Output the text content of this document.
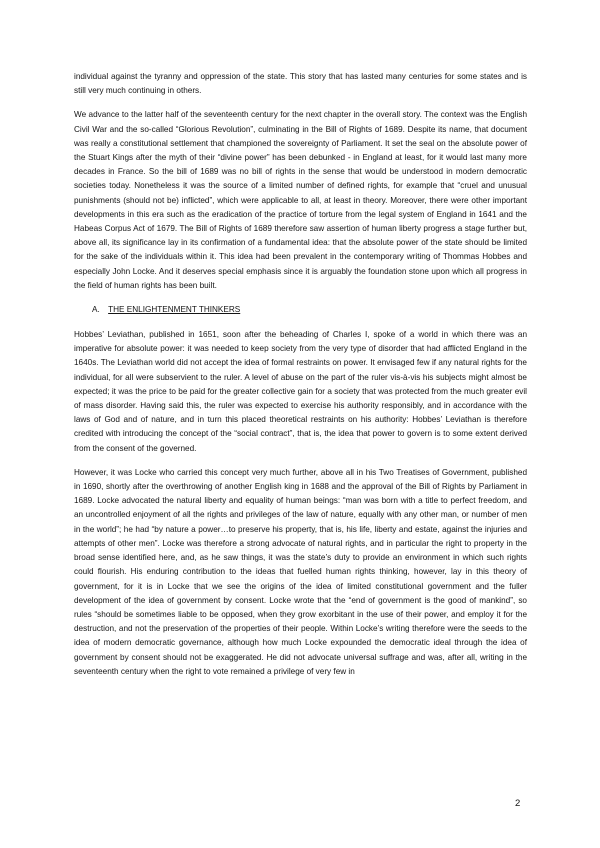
individual against the tyranny and oppression of the state. This story that has lasted many centuries for some states and is still very much continuing in others.

We advance to the latter half of the seventeenth century for the next chapter in the overall story. The context was the English Civil War and the so-called “Glorious Revolution”, culminating in the Bill of Rights of 1689. Despite its name, that document was really a constitutional settlement that championed the sovereignty of Parliament. It set the seal on the absolute power of the Stuart Kings after the myth of their “divine power” has been debunked - in England at least, for it would last many more decades in France. So the bill of 1689 was no bill of rights in the sense that would be understood in modern democratic societies today. Nonetheless it was the source of a limited number of defined rights, for example that “cruel and unusual punishments (should not be) inflicted”, which were applicable to all, at least in theory. Moreover, there were other important developments in this era such as the eradication of the practice of torture from the legal system of England in 1641 and the Habeas Corpus Act of 1679. The Bill of Rights of 1689 therefore saw assertion of human liberty progress a stage further but, above all, its significance lay in its confirmation of a fundamental idea: that the absolute power of the state should be limited for the sake of the individuals within it. This idea had been prevalent in the contemporary writing of Thommas Hobbes and especially John Locke. And it deserves special emphasis since it is arguably the foundation stone upon which all progress in the field of human rights has been built.

A. THE ENLIGHTENMENT THINKERS

Hobbes’ Leviathan, published in 1651, soon after the beheading of Charles I, spoke of a world in which there was an imperative for absolute power: it was needed to keep society from the very type of disorder that had afflicted England in the 1640s. The Leviathan world did not accept the idea of formal restraints on power. It envisaged few if any natural rights for the individual, for all were subservient to the ruler. A level of abuse on the part of the ruler vis-à-vis his subjects might almost be expected; it was the price to be paid for the greater collective gain for a society that was protected from the much greater evil of mass disorder. Having said this, the ruler was expected to exercise his authority responsibly, and in accordance with the laws of God and of nature, and in turn this placed theoretical restraints on his authority: Hobbes’ Leviathan is therefore credited with introducing the concept of the “social contract”, that is, the idea that power to govern is to some extent derived from the consent of the governed.

However, it was Locke who carried this concept very much further, above all in his Two Treatises of Government, published in 1690, shortly after the overthrowing of another English king in 1688 and the approval of the Bill of Rights by Parliament in 1689. Locke advocated the natural liberty and equality of human beings: “man was born with a title to perfect freedom, and an uncontrolled enjoyment of all the rights and privileges of the law of nature, equally with any other man, or number of men in the world”; he had “by nature a power…to preserve his property, that is, his life, liberty and estate, against the injuries and attempts of other men”. Locke was therefore a strong advocate of natural rights, and in particular the right to property in the broad sense identified here, and, as he saw things, it was the state’s duty to provide an environment in which such rights could flourish. His enduring contribution to the ideas that fuelled human rights thinking, however, lay in this theory of government, for it is in Locke that we see the origins of the idea of limited constitutional government and the fuller development of the idea of government by consent. Locke wrote that the “end of government is the good of mankind”, so rules “should be sometimes liable to be opposed, when they grow exorbitant in the use of their power, and employ it for the destruction, and not the preservation of the properties of their people. Within Locke’s writing therefore were the seeds to the idea of modern democratic governance, although how much Locke expounded the democratic ideal through the idea of government by consent should not be exaggerated. He did not advocate universal suffrage and was, after all, writing in the seventeenth century when the right to vote remained a privilege of very few in

2
